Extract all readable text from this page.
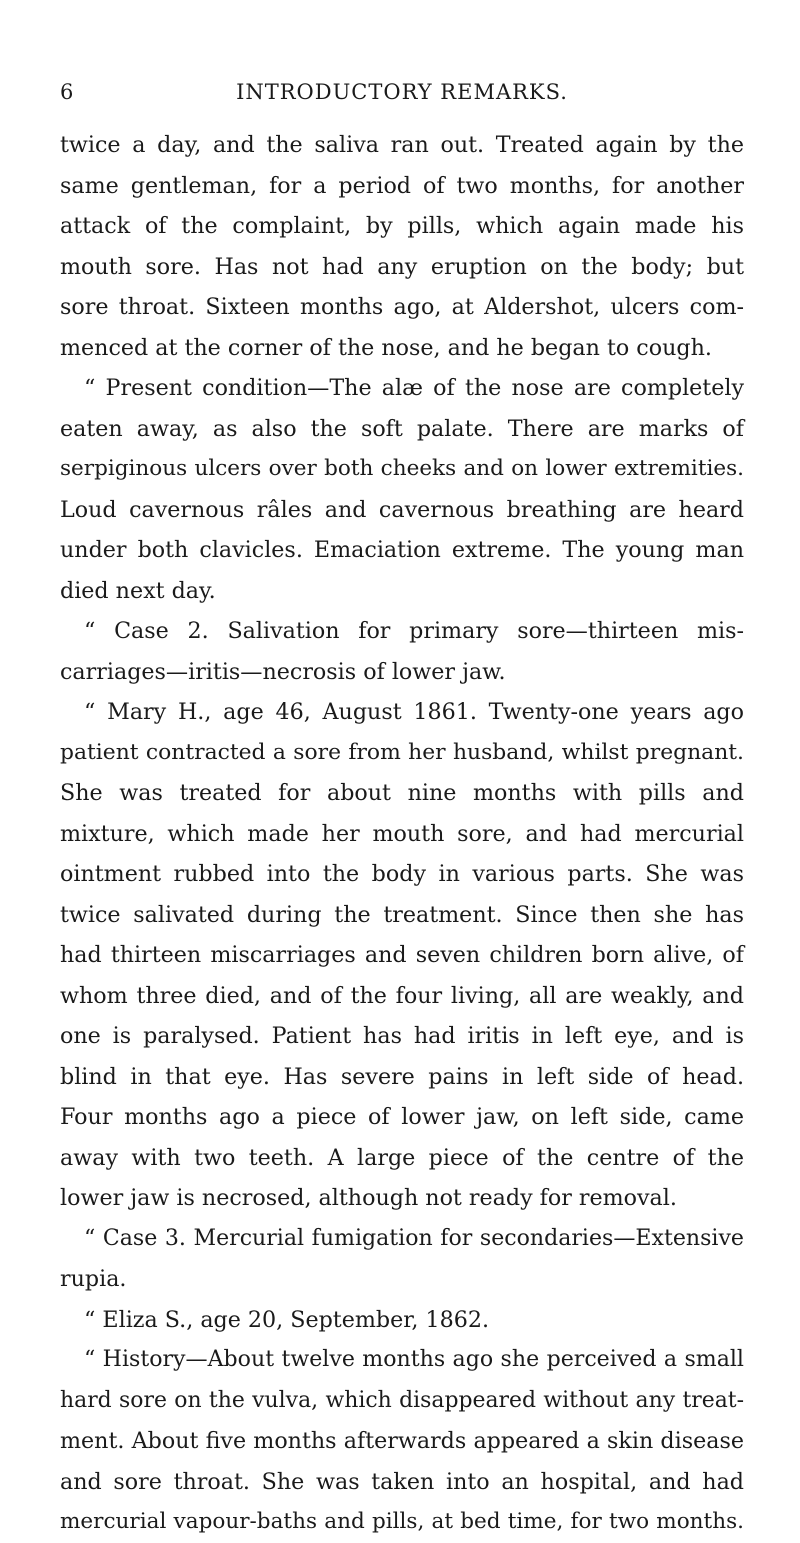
6	INTRODUCTORY REMARKS.
twice a day, and the saliva ran out. Treated again by the
same gentleman, for a period of two months, for another
attack of the complaint, by pills, which again made his
mouth sore. Has not had any eruption on the body; but
sore throat. Sixteen months ago, at Aldershot, ulcers com-
menced at the corner of the nose, and he began to cough.
“ Present condition—The alæ of the nose are completely
eaten away, as also the soft palate. There are marks of
serpiginous ulcers over both cheeks and on lower extremities.
Loud cavernous râles and cavernous breathing are heard
under both clavicles. Emaciation extreme. The young man
died next day.
“ Case 2. Salivation for primary sore—thirteen mis-
carriages—iritis—necrosis of lower jaw.
“ Mary H., age 46, August 1861. Twenty-one years ago
patient contracted a sore from her husband, whilst pregnant.
She was treated for about nine months with pills and
mixture, which made her mouth sore, and had mercurial
ointment rubbed into the body in various parts. She was
twice salivated during the treatment. Since then she has
had thirteen miscarriages and seven children born alive, of
whom three died, and of the four living, all are weakly, and
one is paralysed. Patient has had iritis in left eye, and is
blind in that eye. Has severe pains in left side of head.
Four months ago a piece of lower jaw, on left side, came
away with two teeth. A large piece of the centre of the
lower jaw is necrosed, although not ready for removal.
“ Case 3. Mercurial fumigation for secondaries—Extensive
rupia.
“ Eliza S., age 20, September, 1862.
“ History—About twelve months ago she perceived a small
hard sore on the vulva, which disappeared without any treat-
ment. About five months afterwards appeared a skin disease
and sore throat. She was taken into an hospital, and had
mercurial vapour-baths and pills, at bed time, for two months.
